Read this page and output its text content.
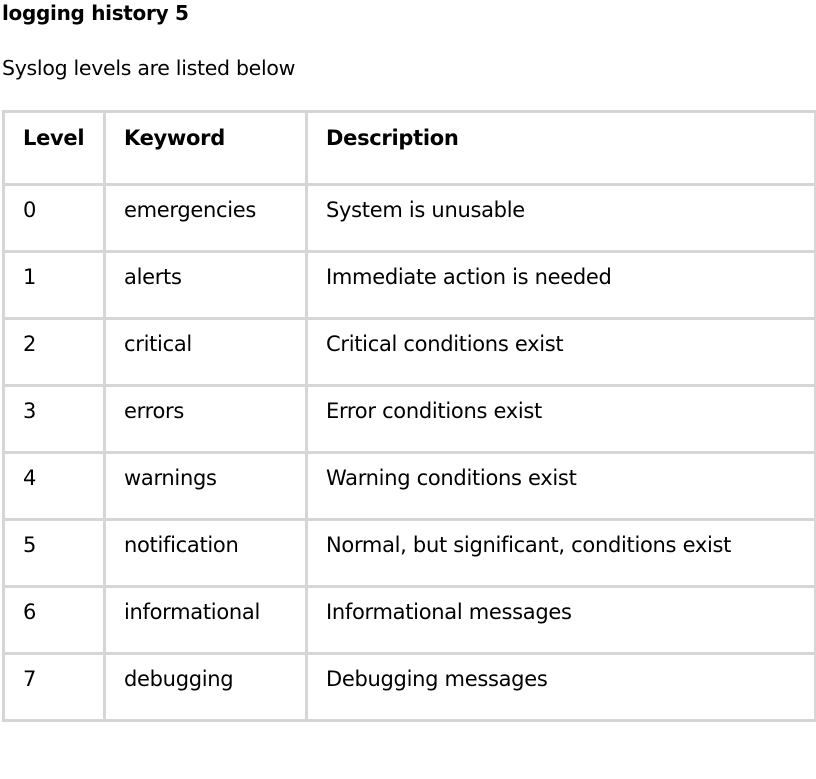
logging history 5
Syslog levels are listed below
Level	Keyword	Description
0	emergencies	System is unusable
1	alerts	Immediate action is needed
2	critical	Critical conditions exist
3	errors	Error conditions exist
4	warnings	Warning conditions exist
5	notification	Normal, but significant, conditions exist
6	informational	Informational messages
7	debugging	Debugging messages
